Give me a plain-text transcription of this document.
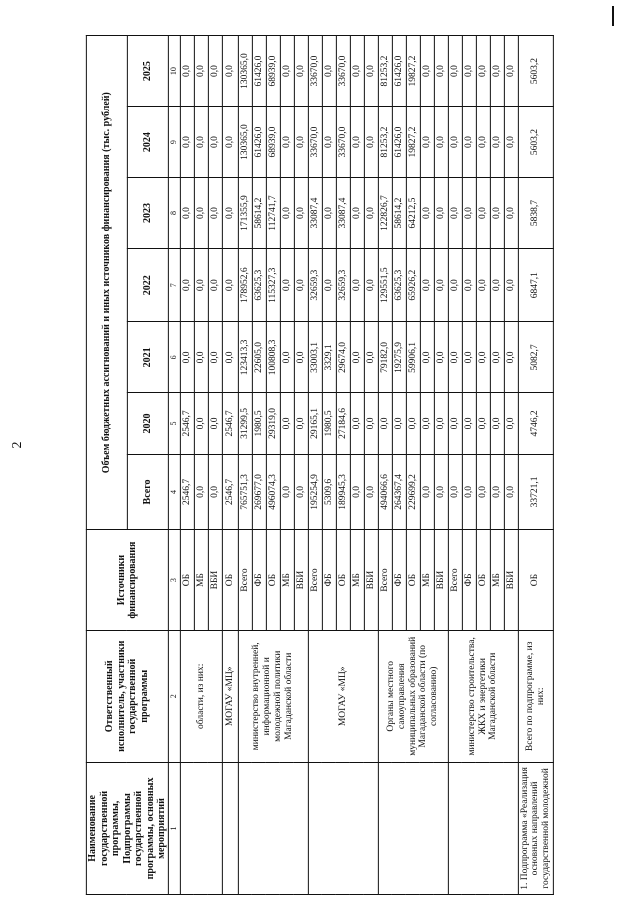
2
Наименование государственной программы, Подпрограммы государственной программы, основных мероприятий	Ответственный исполнитель, участники государственной программы	Источники финансирования	Объем бюджетных ассигнований и иных источников финансирования (тыс. рублей)						
			Всего	2020	2021	2022	2023	2024	2025
1	2	3	4	5	6	7	8	9	10
	области, из них:	ОБ	2546,7	2546,7	0,0	0,0	0,0	0,0	0,0
		МБ	0,0	0,0	0,0	0,0	0,0	0,0	0,0
		ВБИ	0,0	0,0	0,0	0,0	0,0	0,0	0,0
	МОГАУ «МЦ»	ОБ	2546,7	2546,7	0,0	0,0	0,0	0,0	0,0
	министерство внутренней, информационной и молодежной политики Магаданской области	Всего	765751,3	31299,5	123413,3	178952,6	171355,9	130365,0	130365,0
		ФБ	269677,0	1980,5	22605,0	63625,3	58614,2	61426,0	61426,0
		ОБ	496074,3	29319,0	100808,3	115327,3	112741,7	68939,0	68939,0
		МБ	0,0	0,0	0,0	0,0	0,0	0,0	0,0
		ВБИ	0,0	0,0	0,0	0,0	0,0	0,0	0,0
	МОГАУ «МЦ»	Всего	195254,9	29165,1	33003,1	32659,3	33087,4	33670,0	33670,0
		ФБ	5309,6	1980,5	3329,1	0,0	0,0	0,0	0,0
		ОБ	189945,3	27184,6	29674,0	32659,3	33087,4	33670,0	33670,0
		МБ	0,0	0,0	0,0	0,0	0,0	0,0	0,0
		ВБИ	0,0	0,0	0,0	0,0	0,0	0,0	0,0
	Органы местного самоуправления муниципальных образований Магаданской области (по согласованию)	Всего	494066,6	0,0	79182,0	129551,5	122826,7	81253,2	81253,2
		ФБ	264367,4	0,0	19275,9	63625,3	58614,2	61426,0	61426,0
		ОБ	229699,2	0,0	59906,1	65926,2	64212,5	19827,2	19827,2
		МБ	0,0	0,0	0,0	0,0	0,0	0,0	0,0
		ВБИ	0,0	0,0	0,0	0,0	0,0	0,0	0,0
	министерство строительства, ЖКХ и энергетики Магаданской области	Всего	0,0	0,0	0,0	0,0	0,0	0,0	0,0
		ФБ	0,0	0,0	0,0	0,0	0,0	0,0	0,0
		ОБ	0,0	0,0	0,0	0,0	0,0	0,0	0,0
		МБ	0,0	0,0	0,0	0,0	0,0	0,0	0,0
		ВБИ	0,0	0,0	0,0	0,0	0,0	0,0	0,0
1. Подпрограмма «Реализация основных направлений государственной молодежной	Всего по подпрограмме, из них:	ОБ	33721,1	4746,2	5082,7	6847,1	5838,7	5603,2	5603,2
